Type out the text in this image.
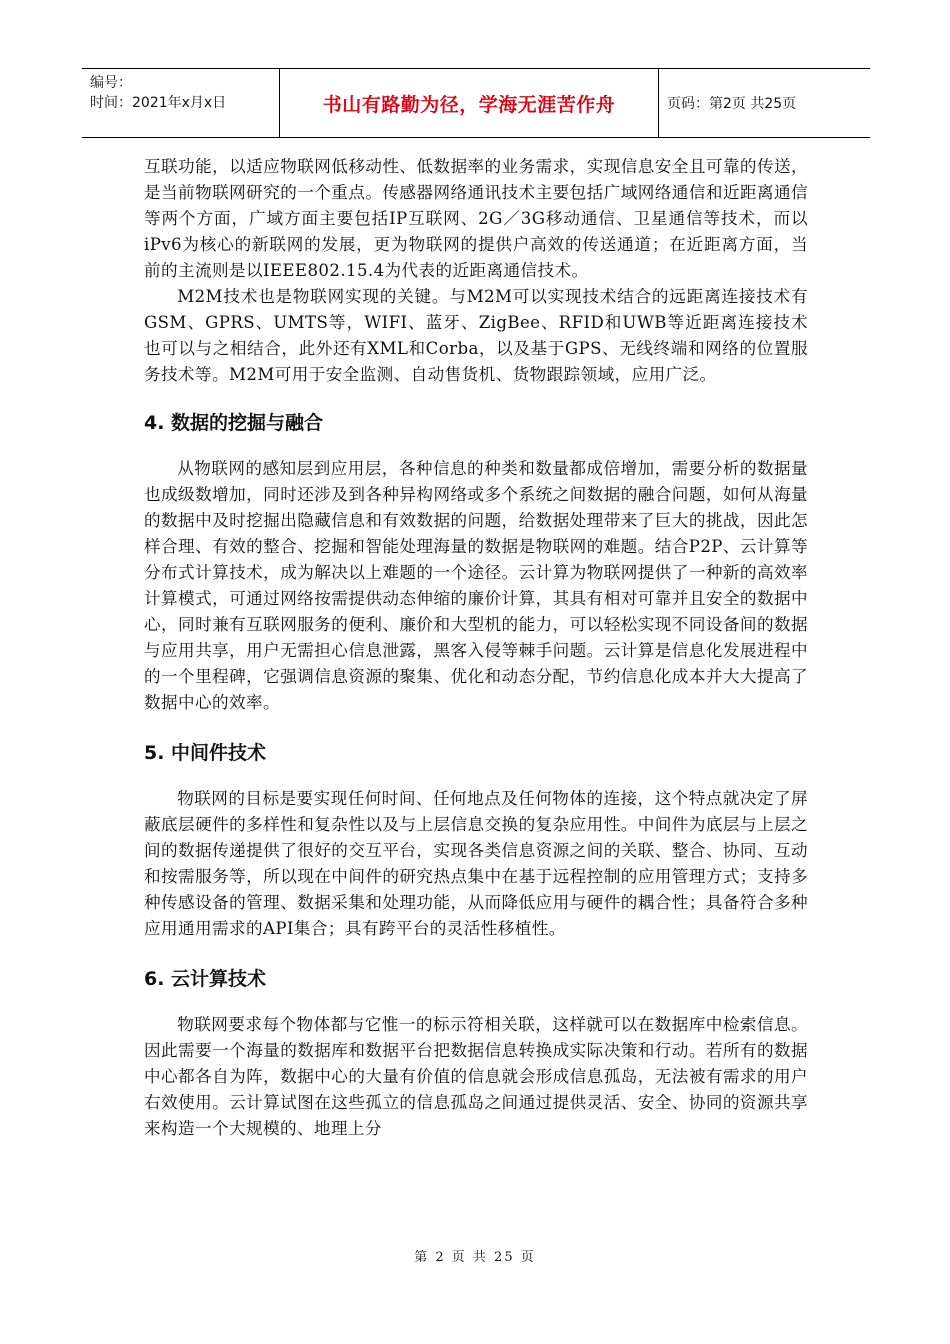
编号：
时间：2021年x月x日	书山有路勤为径，学海无涯苦作舟	页码：第2页 共25页

互联功能，以适应物联网低移动性、低数据率的业务需求，实现信息安全且可靠的传送，是当前物联网研究的一个重点。传感器网络通讯技术主要包括广域网络通信和近距离通信等两个方面，广域方面主要包括IP互联网、2G／3G移动通信、卫星通信等技术，而以iPv6为核心的新联网的发展，更为物联网的提供户高效的传送通道；在近距离方面，当前的主流则是以IEEE802.15.4为代表的近距离通信技术。

M2M技术也是物联网实现的关键。与M2M可以实现技术结合的远距离连接技术有GSM、GPRS、UMTS等，WIFI、蓝牙、ZigBee、RFID和UWB等近距离连接技术也可以与之相结合，此外还有XML和Corba，以及基于GPS、无线终端和网络的位置服务技术等。M2M可用于安全监测、自动售货机、货物跟踪领域，应用广泛。

4. 数据的挖掘与融合

从物联网的感知层到应用层，各种信息的种类和数量都成倍增加，需要分析的数据量也成级数增加，同时还涉及到各种异构网络或多个系统之间数据的融合问题，如何从海量的数据中及时挖掘出隐藏信息和有效数据的问题，给数据处理带来了巨大的挑战，因此怎样合理、有效的整合、挖掘和智能处理海量的数据是物联网的难题。结合P2P、云计算等分布式计算技术，成为解决以上难题的一个途径。云计算为物联网提供了一种新的高效率计算模式，可通过网络按需提供动态伸缩的廉价计算，其具有相对可靠并且安全的数据中心，同时兼有互联网服务的便利、廉价和大型机的能力，可以轻松实现不同设备间的数据与应用共享，用户无需担心信息泄露，黑客入侵等棘手问题。云计算是信息化发展进程中的一个里程碑，它强调信息资源的聚集、优化和动态分配，节约信息化成本并大大提高了数据中心的效率。

5. 中间件技术

物联网的目标是要实现任何时间、任何地点及任何物体的连接，这个特点就决定了屏蔽底层硬件的多样性和复杂性以及与上层信息交换的复杂应用性。中间件为底层与上层之间的数据传递提供了很好的交互平台，实现各类信息资源之间的关联、整合、协同、互动和按需服务等，所以现在中间件的研究热点集中在基于远程控制的应用管理方式；支持多种传感设备的管理、数据采集和处理功能，从而降低应用与硬件的耦合性；具备符合多种应用通用需求的API集合；具有跨平台的灵活性移植性。

6. 云计算技术

物联网要求每个物体都与它惟一的标示符相关联，这样就可以在数据库中检索信息。因此需要一个海量的数据库和数据平台把数据信息转换成实际决策和行动。若所有的数据中心都各自为阵，数据中心的大量有价值的信息就会形成信息孤岛，无法被有需求的用户右效使用。云计算试图在这些孤立的信息孤岛之间通过提供灵活、安全、协同的资源共享来构造一个大规模的、地理上分

第 2 页 共 25 页
